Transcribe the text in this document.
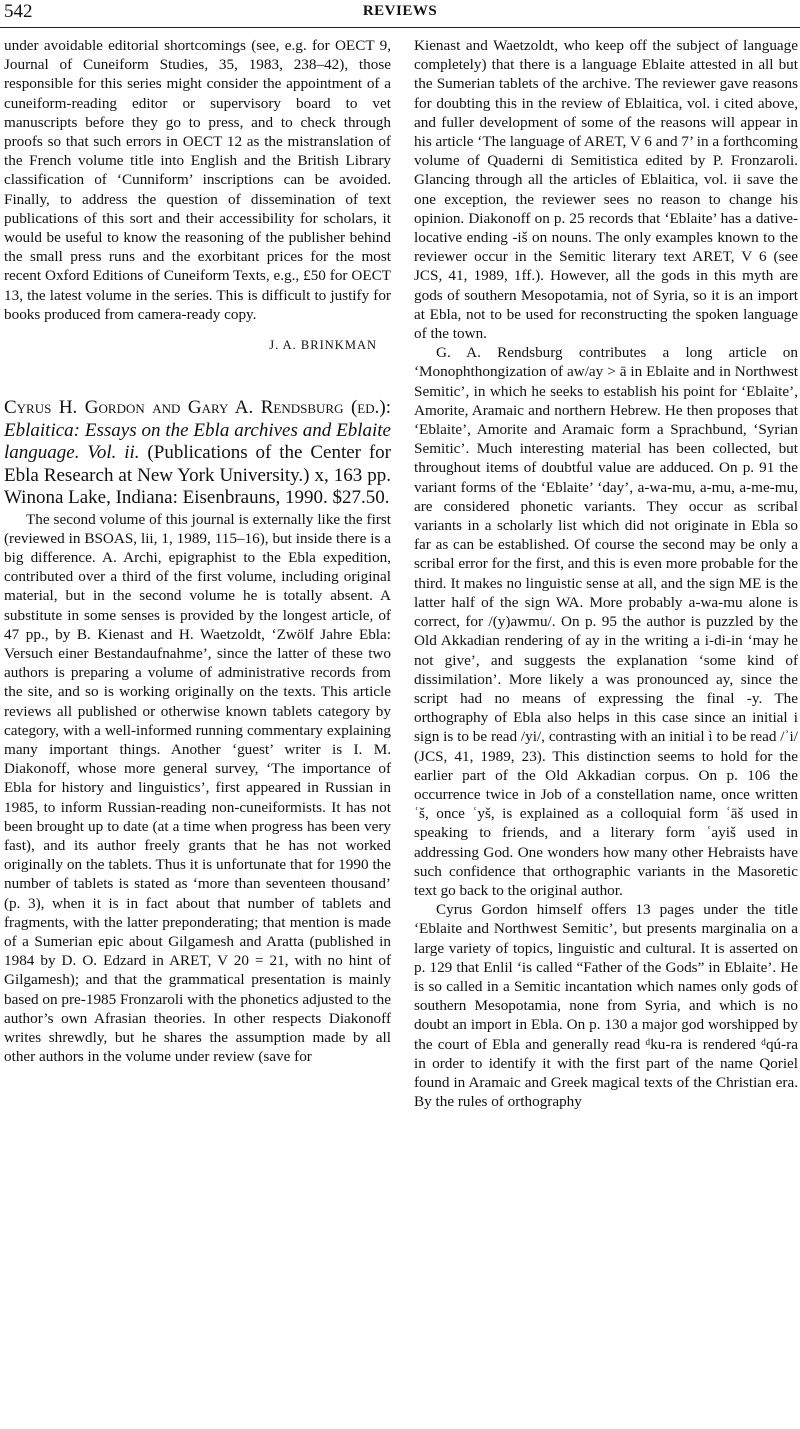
542	REVIEWS

under avoidable editorial shortcomings (see, e.g. for OECT 9, Journal of Cuneiform Studies, 35, 1983, 238–42), those responsible for this series might consider the appointment of a cuneiform-reading editor or supervisory board to vet manuscripts before they go to press, and to check through proofs so that such errors in OECT 12 as the mistranslation of the French volume title into English and the British Library classification of ‘Cunniform’ inscriptions can be avoided. Finally, to address the question of dissemination of text publications of this sort and their accessibility for scholars, it would be useful to know the reasoning of the publisher behind the small press runs and the exorbitant prices for the most recent Oxford Editions of Cuneiform Texts, e.g., £50 for OECT 13, the latest volume in the series. This is difficult to justify for books produced from camera-ready copy.

J. A. BRINKMAN
Cyrus H. Gordon and Gary A. Rendsburg (ed.): Eblaitica: Essays on the Ebla archives and Eblaite language. Vol. ii. (Publications of the Center for Ebla Research at New York University.) x, 163 pp. Winona Lake, Indiana: Eisenbrauns, 1990. $27.50.

The second volume of this journal is externally like the first (reviewed in BSOAS, lii, 1, 1989, 115–16), but inside there is a big difference. A. Archi, epigraphist to the Ebla expedition, contributed over a third of the first volume, including original material, but in the second volume he is totally absent. A substitute in some senses is provided by the longest article, of 47 pp., by B. Kienast and H. Waetzoldt, ‘Zwölf Jahre Ebla: Versuch einer Bestandaufnahme’, since the latter of these two authors is preparing a volume of administrative records from the site, and so is working originally on the texts. This article reviews all published or otherwise known tablets category by category, with a well-informed running commentary explaining many important things. Another ‘guest’ writer is I. M. Diakonoff, whose more general survey, ‘The importance of Ebla for history and linguistics’, first appeared in Russian in 1985, to inform Russian-reading non-cuneiformists. It has not been brought up to date (at a time when progress has been very fast), and its author freely grants that he has not worked originally on the tablets. Thus it is unfortunate that for 1990 the number of tablets is stated as ‘more than seventeen thousand’ (p. 3), when it is in fact about that number of tablets and fragments, with the latter preponderating; that mention is made of a Sumerian epic about Gilgamesh and Aratta (published in 1984 by D. O. Edzard in ARET, V 20 = 21, with no hint of Gilgamesh); and that the grammatical presentation is mainly based on pre-1985 Fronzaroli with the phonetics adjusted to the author’s own Afrasian theories. In other respects Diakonoff writes shrewdly, but he shares the assumption made by all other authors in the volume under review (save for

Kienast and Waetzoldt, who keep off the subject of language completely) that there is a language Eblaite attested in all but the Sumerian tablets of the archive. The reviewer gave reasons for doubting this in the review of Eblaitica, vol. i cited above, and fuller development of some of the reasons will appear in his article ‘The language of ARET, V 6 and 7’ in a forthcoming volume of Quaderni di Semitistica edited by P. Fronzaroli. Glancing through all the articles of Eblaitica, vol. ii save the one exception, the reviewer sees no reason to change his opinion. Diakonoff on p. 25 records that ‘Eblaite’ has a dative-locative ending -iš on nouns. The only examples known to the reviewer occur in the Semitic literary text ARET, V 6 (see JCS, 41, 1989, 1ff.). However, all the gods in this myth are gods of southern Mesopotamia, not of Syria, so it is an import at Ebla, not to be used for reconstructing the spoken language of the town.

G. A. Rendsburg contributes a long article on ‘Monophthongization of aw/ay > ā in Eblaite and in Northwest Semitic’, in which he seeks to establish his point for ‘Eblaite’, Amorite, Aramaic and northern Hebrew. He then proposes that ‘Eblaite’, Amorite and Aramaic form a Sprachbund, ‘Syrian Semitic’. Much interesting material has been collected, but throughout items of doubtful value are adduced. On p. 91 the variant forms of the ‘Eblaite’ ‘day’, a-wa-mu, a-mu, a-me-mu, are considered phonetic variants. They occur as scribal variants in a scholarly list which did not originate in Ebla so far as can be established. Of course the second may be only a scribal error for the first, and this is even more probable for the third. It makes no linguistic sense at all, and the sign ME is the latter half of the sign WA. More probably a-wa-mu alone is correct, for /(y)awmu/. On p. 95 the author is puzzled by the Old Akkadian rendering of ay in the writing a i-di-in ‘may he not give’, and suggests the explanation ‘some kind of dissimilation’. More likely a was pronounced ay, since the script had no means of expressing the final -y. The orthography of Ebla also helps in this case since an initial i sign is to be read /yi/, contrasting with an initial ì to be read /ʾi/ (JCS, 41, 1989, 23). This distinction seems to hold for the earlier part of the Old Akkadian corpus. On p. 106 the occurrence twice in Job of a constellation name, once written ʿš, once ʿyš, is explained as a colloquial form ʿāš used in speaking to friends, and a literary form ʿayiš used in addressing God. One wonders how many other Hebraists have such confidence that orthographic variants in the Masoretic text go back to the original author.

Cyrus Gordon himself offers 13 pages under the title ‘Eblaite and Northwest Semitic’, but presents marginalia on a large variety of topics, linguistic and cultural. It is asserted on p. 129 that Enlil ‘is called “Father of the Gods” in Eblaite’. He is so called in a Semitic incantation which names only gods of southern Mesopotamia, none from Syria, and which is no doubt an import in Ebla. On p. 130 a major god worshipped by the court of Ebla and generally read ᵈku-ra is rendered ᵈqú-ra in order to identify it with the first part of the name Qoriel found in Aramaic and Greek magical texts of the Christian era. By the rules of orthography
